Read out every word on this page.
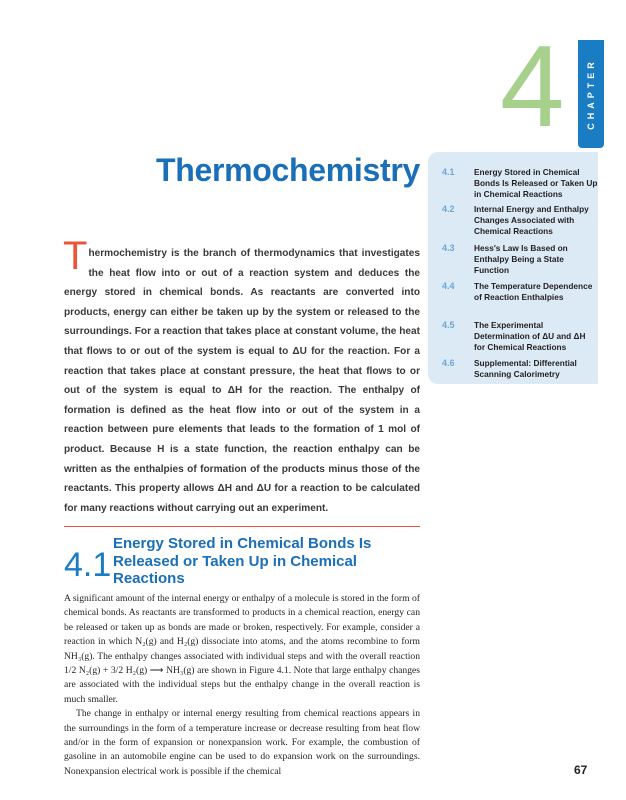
4 CHAPTER
Thermochemistry 4.1	Energy Stored in Chemical Bonds Is Released or Taken Up in Chemical Reactions
4.2	Internal Energy and Enthalpy Changes Associated with Chemical Reactions
4.3	Hess's Law Is Based on Enthalpy Being a State Function
4.4	The Temperature Dependence of Reaction Enthalpies
4.5	The Experimental Determination of ΔU and ΔH for Chemical Reactions
4.6	Supplemental: Differential Scanning Calorimetry

Thermochemistry is the branch of thermodynamics that investigates the heat flow into or out of a reaction system and deduces the energy stored in chemical bonds. As reactants are converted into products, energy can either be taken up by the system or released to the surroundings. For a reaction that takes place at constant volume, the heat that flows to or out of the system is equal to ΔU for the reaction. For a reaction that takes place at constant pressure, the heat that flows to or out of the system is equal to ΔH for the reaction. The enthalpy of formation is defined as the heat flow into or out of the system in a reaction between pure elements that leads to the formation of 1 mol of product. Because H is a state function, the reaction enthalpy can be written as the enthalpies of formation of the products minus those of the reactants. This property allows ΔH and ΔU for a reaction to be calculated for many reactions without carrying out an experiment.

4.1
Energy Stored in Chemical Bonds Is Released or Taken Up in Chemical Reactions

A significant amount of the internal energy or enthalpy of a molecule is stored in the form of chemical bonds. As reactants are transformed to products in a chemical reaction, energy can be released or taken up as bonds are made or broken, respectively. For example, consider a reaction in which N₂(g) and H₂(g) dissociate into atoms, and the atoms recombine to form NH₃(g). The enthalpy changes associated with individual steps and with the overall reaction 1/2 N₂(g) + 3/2 H₂(g) ⟶ NH₃(g) are shown in Figure 4.1. Note that large enthalpy changes are associated with the individual steps but the enthalpy change in the overall reaction is much smaller.

The change in enthalpy or internal energy resulting from chemical reactions appears in the surroundings in the form of a temperature increase or decrease resulting from heat flow and/or in the form of expansion or nonexpansion work. For example, the combustion of gasoline in an automobile engine can be used to do expansion work on the surroundings. Nonexpansion electrical work is possible if the chemical	67
